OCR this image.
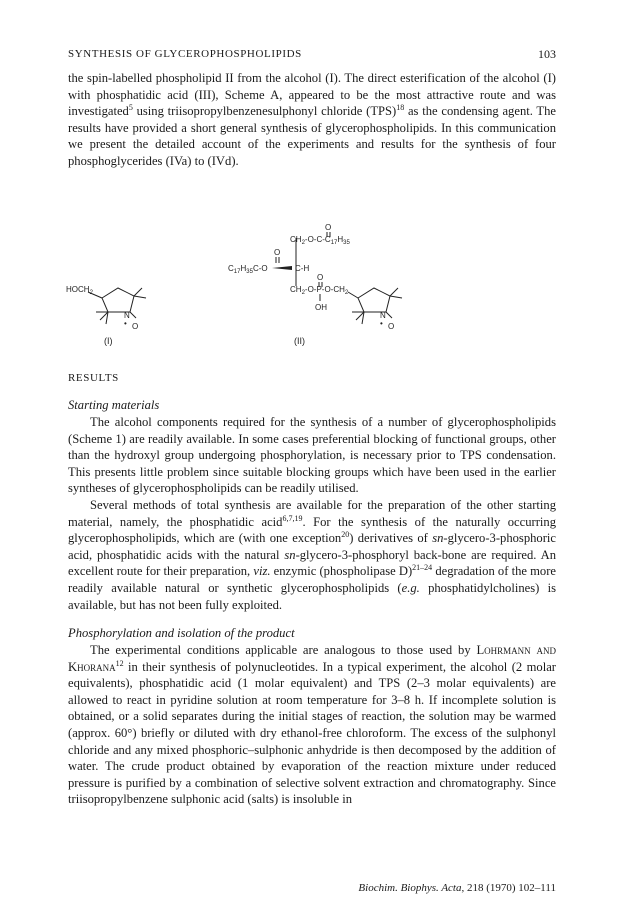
SYNTHESIS OF GLYCEROPHOSPHOLIPIDS	103

the spin-labelled phospholipid II from the alcohol (I). The direct esterification of the alcohol (I) with phosphatidic acid (III), Scheme A, appeared to be the most attractive route and was investigated$^5$ using triisopropylbenzenesulphonyl chloride (TPS)$^{18}$ as the condensing agent. The results have provided a short general synthesis of glycerophospholipids. In this communication we present the detailed account of the experiments and results for the synthesis of four phosphoglycerides (IVa) to (IVd).

$HOCH_2$
N
• O
(I)
O
$CH_2-O-C-C_{17}H_{35}$
O
$C_{17}H_{35}C-O$	C-H
O
$CH_2-O-P-O-CH_2$
OH
N
• O
(II)
RESULTS
Starting materials

The alcohol components required for the synthesis of a number of glycerophospholipids (Scheme 1) are readily available. In some cases preferential blocking of functional groups, other than the hydroxyl group undergoing phosphorylation, is necessary prior to TPS condensation. This presents little problem since suitable blocking groups which have been used in the earlier syntheses of glycerophospholipids can be readily utilised.

Several methods of total synthesis are available for the preparation of the other starting material, namely, the phosphatidic acid$^{6,7,19}$. For the synthesis of the naturally occurring glycerophospholipids, which are (with one exception$^{20}$) derivatives of sn-glycero-3-phosphoric acid, phosphatidic acids with the natural sn-glycero-3-phosphoryl back-bone are required. An excellent route for their preparation, viz. enzymic (phospholipase D)$^{21-24}$ degradation of the more readily available natural or synthetic glycerophospholipids (e.g. phosphatidylcholines) is available, but has not been fully exploited.

Phosphorylation and isolation of the product

The experimental conditions applicable are analogous to those used by Lohrmann and Khorana$^{12}$ in their synthesis of polynucleotides. In a typical experiment, the alcohol (2 molar equivalents), phosphatidic acid (1 molar equivalent) and TPS (2–3 molar equivalents) are allowed to react in pyridine solution at room temperature for 3–8 h. If incomplete solution is obtained, or a solid separates during the initial stages of reaction, the solution may be warmed (approx. 60°) briefly or diluted with dry ethanol-free chloroform. The excess of the sulphonyl chloride and any mixed phosphoric–sulphonic anhydride is then decomposed by the addition of water. The crude product obtained by evaporation of the reaction mixture under reduced pressure is purified by a combination of selective solvent extraction and chromatography. Since triisopropylbenzene sulphonic acid (salts) is insoluble in

Biochim. Biophys. Acta, 218 (1970) 102–111
